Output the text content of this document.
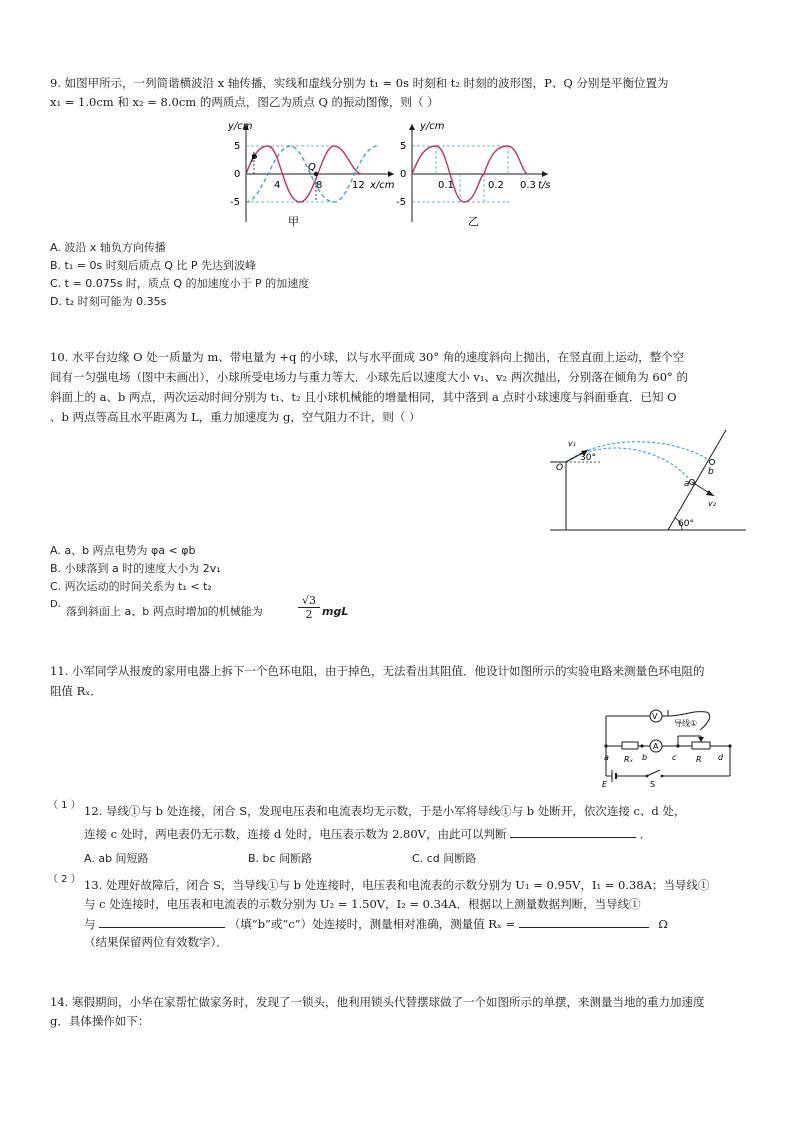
9. 如图甲所示，一列简谐横波沿 x 轴传播，实线和虚线分别为 t₁ = 0s 时刻和 t₂ 时刻的波形图，P、Q 分别是平衡位置为
x₁ = 1.0cm 和 x₂ = 8.0cm 的两质点，图乙为质点 Q 的振动图像，则（ ）
y/cm
5
0
-5
4	8	12 x/cm
P
Q
甲
y/cm
5
0
-5
0.1	0.2 0.3 t/s
乙
A. 波沿 x 轴负方向传播
B. t₁ = 0s 时刻后质点 Q 比 P 先达到波峰
C. t = 0.075s 时，质点 Q 的加速度小于 P 的加速度
D. t₂ 时刻可能为 0.35s
10. 水平台边缘 O 处一质量为 m、带电量为 +q 的小球，以与水平面成 30° 角的速度斜向上抛出，在竖直面上运动，整个空
间有一匀强电场（图中未画出），小球所受电场力与重力等大．小球先后以速度大小 v₁、v₂ 两次抛出，分别落在倾角为 60° 的
斜面上的 a、b 两点，两次运动时间分别为 t₁、t₂ 且小球机械能的增量相同，其中落到 a 点时小球速度与斜面垂直．已知 O
、b 两点等高且水平距离为 L，重力加速度为 g，空气阻力不计，则（ ）
v₁
30°
O	b
a
v₂
60°
A. a、b 两点电势为 φa < φb
B. 小球落到 a 时的速度大小为 2v₁
C. 两次运动的时间关系为 t₁ < t₂
D.
落到斜面上 a、b 两点时增加的机械能为	$\frac{√3}{2}$ mgL
11. 小军同学从报废的家用电器上拆下一个色环电阻，由于掉色，无法看出其阻值．他设计如图所示的实验电路来测量色环电阻的
阻值 Rₓ．
V
导线①
a Rₓ b
A
c R d
E	S
（ 1 ） 12. 导线①与 b 处连接，闭合 S，发现电压表和电流表均无示数，于是小军将导线①与 b 处断开，依次连接 c、d 处，
连接 c 处时，两电表仍无示数，连接 d 处时，电压表示数为 2.80V，由此可以判断	．
A. ab 间短路	B. bc 间断路	C. cd 间断路
（ 2 ） 13. 处理好故障后，闭合 S，当导线①与 b 处连接时，电压表和电流表的示数分别为 U₁ = 0.95V，I₁ = 0.38A；当导线①
与 c 处连接时，电压表和电流表的示数分别为 U₂ = 1.50V，I₂ = 0.34A．根据以上测量数据判断，当导线①
与	（填“b”或“c”）处连接时，测量相对准确，测量值 Rₓ =	Ω
（结果保留两位有效数字）．
14. 寒假期间，小华在家帮忙做家务时，发现了一锁头，他利用锁头代替摆球做了一个如图所示的单摆，来测量当地的重力加速度
g．具体操作如下：
